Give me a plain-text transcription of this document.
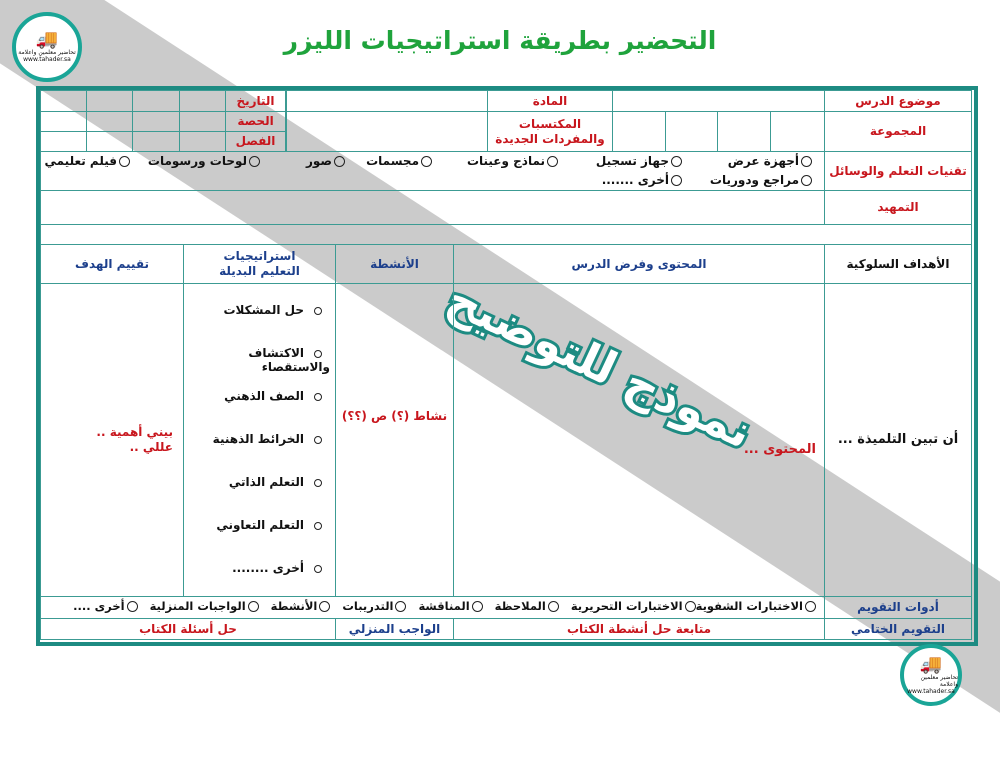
نموذج للتوضيح
التحضير بطريقة استراتيجيات الليزر
موضوع الدرس
المادة
التاريخ
المجموعة
المكتسبات والمفردات الجديدة
الحصة
الفصل
تقنيات التعلم والوسائل
أجهزة عرض
جهاز تسجيل
نماذج وعينات
مجسمات
صور
لوحات ورسومات
فيلم تعليمي
مراجع ودوريات
أخرى .......
التمهيد
الأهداف السلوكية
المحتوى وفرض الدرس
الأنشطة
استراتيجيات التعليم البديلة
تقييم الهدف
أن تبين التلميذة ...
المحتوى ...
نشاط (؟) ص (؟؟)
بيني أهمية .. عللي ..
حل المشكلات
الاكتشاف والاستقصاء
الصف الذهني
الخرائط الذهنية
التعلم الذاتي
التعلم التعاوني
أخرى ........
أدوات التقويم
الاختبارات الشفويةالاختبارات التحريريةالملاحظةالمناقشةالتدريباتالأنشطةالواجبات المنزليةأخرى ....
التقويم الختامي
متابعة حل أنشطة الكتاب
الواجب المنزلي
حل أسئلة الكتاب
🚚
تحاضير معلمين واعلامة
www.tahader.sa
🚚
تحاضير معلمين واعلامة
www.tahader.sa
